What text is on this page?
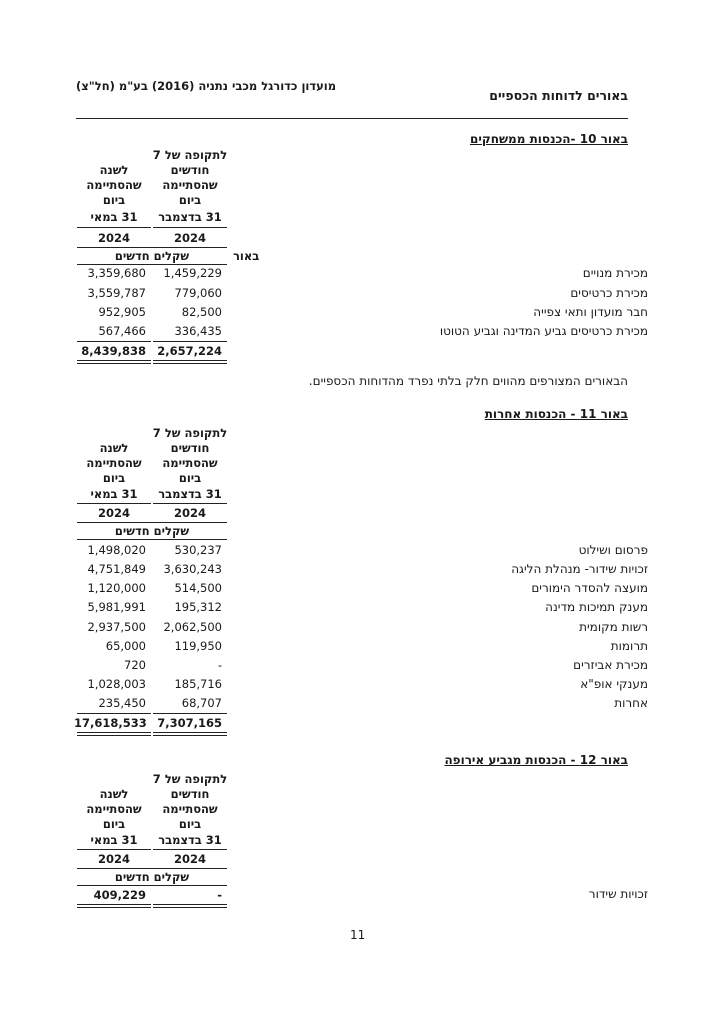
מועדון כדורגל מכבי נתניה (2016) בע"מ (חל"צ)
באורים לדוחות הכספיים
באור 10 -הכנסות ממשחקים
לתקופה של 7
חודשים
שהסתיימה
ביום
לשנה
שהסתיימה
ביום
31 בדצמבר
31 במאי
2024
2024
שקלים חדשים	באור
מכירת מנויים
1,459,229
3,359,680
מכירת כרטיסים
779,060
3,559,787
חבר מועדון ותאי צפייה
82,500
952,905
מכירת כרטיסים גביע המדינה וגביע הטוטו
336,435
567,466
2,657,224
8,439,838
הבאורים המצורפים מהווים חלק בלתי נפרד מהדוחות הכספיים.
באור 11 - הכנסות אחרות
לתקופה של 7
חודשים
שהסתיימה
ביום
לשנה
שהסתיימה
ביום
31 בדצמבר
31 במאי
2024
2024
שקלים חדשים
פרסום ושילוט
530,237
1,498,020
זכויות שידור- מנהלת הליגה
3,630,243
4,751,849
מועצה להסדר הימורים
514,500
1,120,000
מענק תמיכות מדינה
195,312
5,981,991
רשות מקומית
2,062,500
2,937,500
תרומות
119,950
65,000
מכירת אביזרים
-
720
מענקי אופ"א
185,716
1,028,003
אחרות
68,707
235,450
7,307,165
17,618,533
באור 12 - הכנסות מגביע אירופה
לתקופה של 7
חודשים
שהסתיימה
ביום
לשנה
שהסתיימה
ביום
31 בדצמבר
31 במאי
2024
2024
שקלים חדשים
זכויות שידור
-
409,229
11
